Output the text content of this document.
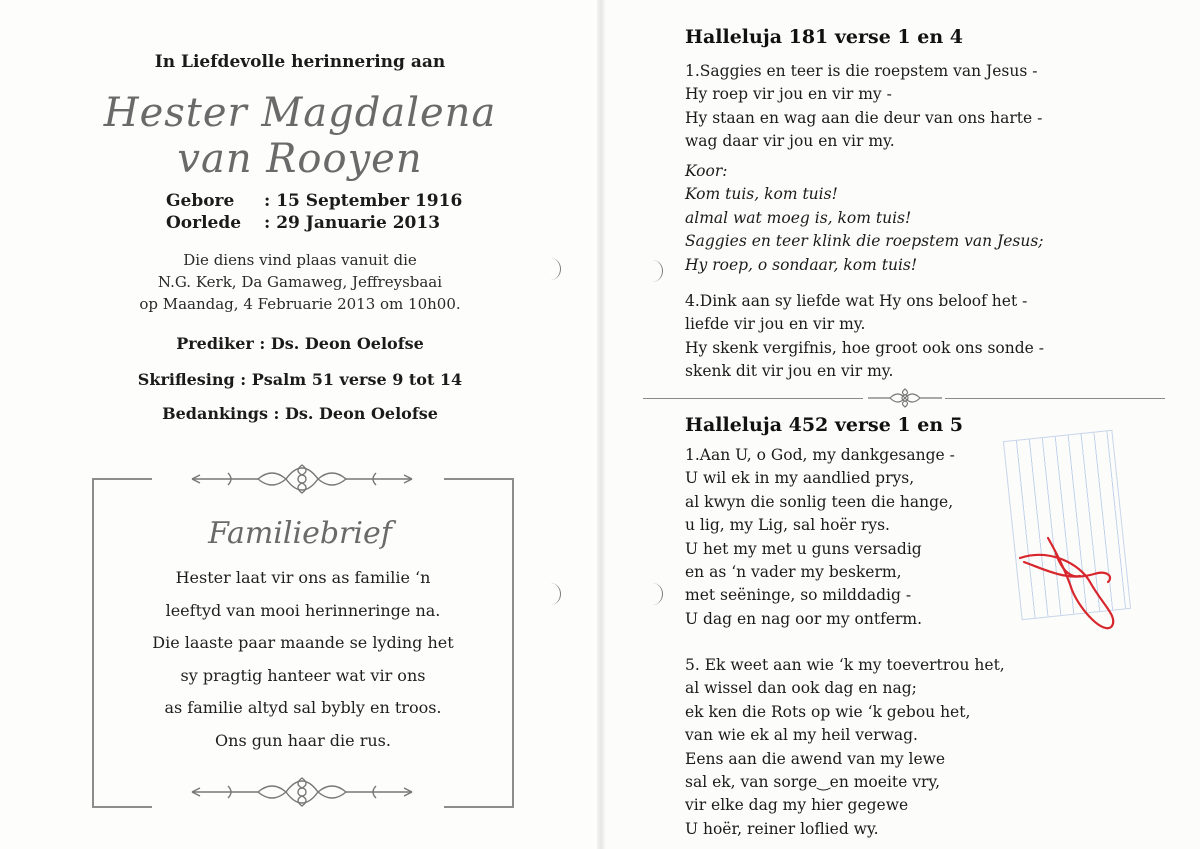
In Liefdevolle herinnering aan
Hester Magdalena
van Rooyen
Gebore : 15 September 1916
Oorlede : 29 Januarie 2013
Die diens vind plaas vanuit die
N.G. Kerk, Da Gamaweg, Jeffreysbaai
op Maandag, 4 Februarie 2013 om 10h00.
Prediker : Ds. Deon Oelofse
Skriflesing : Psalm 51 verse 9 tot 14
Bedankings : Ds. Deon Oelofse
Familiebrief
Hester laat vir ons as familie ‘n
leeftyd van mooi herinneringe na.
Die laaste paar maande se lyding het
sy pragtig hanteer wat vir ons
as familie altyd sal bybly en troos.
Ons gun haar die rus.
Halleluja 181 verse 1 en 4
1.Saggies en teer is die roepstem van Jesus -
Hy roep vir jou en vir my -
Hy staan en wag aan die deur van ons harte -
wag daar vir jou en vir my.
Koor:
Kom tuis, kom tuis!
almal wat moeg is, kom tuis!
Saggies en teer klink die roepstem van Jesus;
Hy roep, o sondaar, kom tuis!
4.Dink aan sy liefde wat Hy ons beloof het -
liefde vir jou en vir my.
Hy skenk vergifnis, hoe groot ook ons sonde -
skenk dit vir jou en vir my.
Halleluja 452 verse 1 en 5
1.Aan U, o God, my dankgesange -
U wil ek in my aandlied prys,
al kwyn die sonlig teen die hange,
u lig, my Lig, sal hoër rys.
U het my met u guns versadig
en as ‘n vader my beskerm,
met seëninge, so milddadig -
U dag en nag oor my ontferm.
5. Ek weet aan wie ‘k my toevertrou het,
al wissel dan ook dag en nag;
ek ken die Rots op wie ‘k gebou het,
van wie ek al my heil verwag.
Eens aan die awend van my lewe
sal ek, van sorge‿en moeite vry,
vir elke dag my hier gegewe
U hoër, reiner loflied wy.
